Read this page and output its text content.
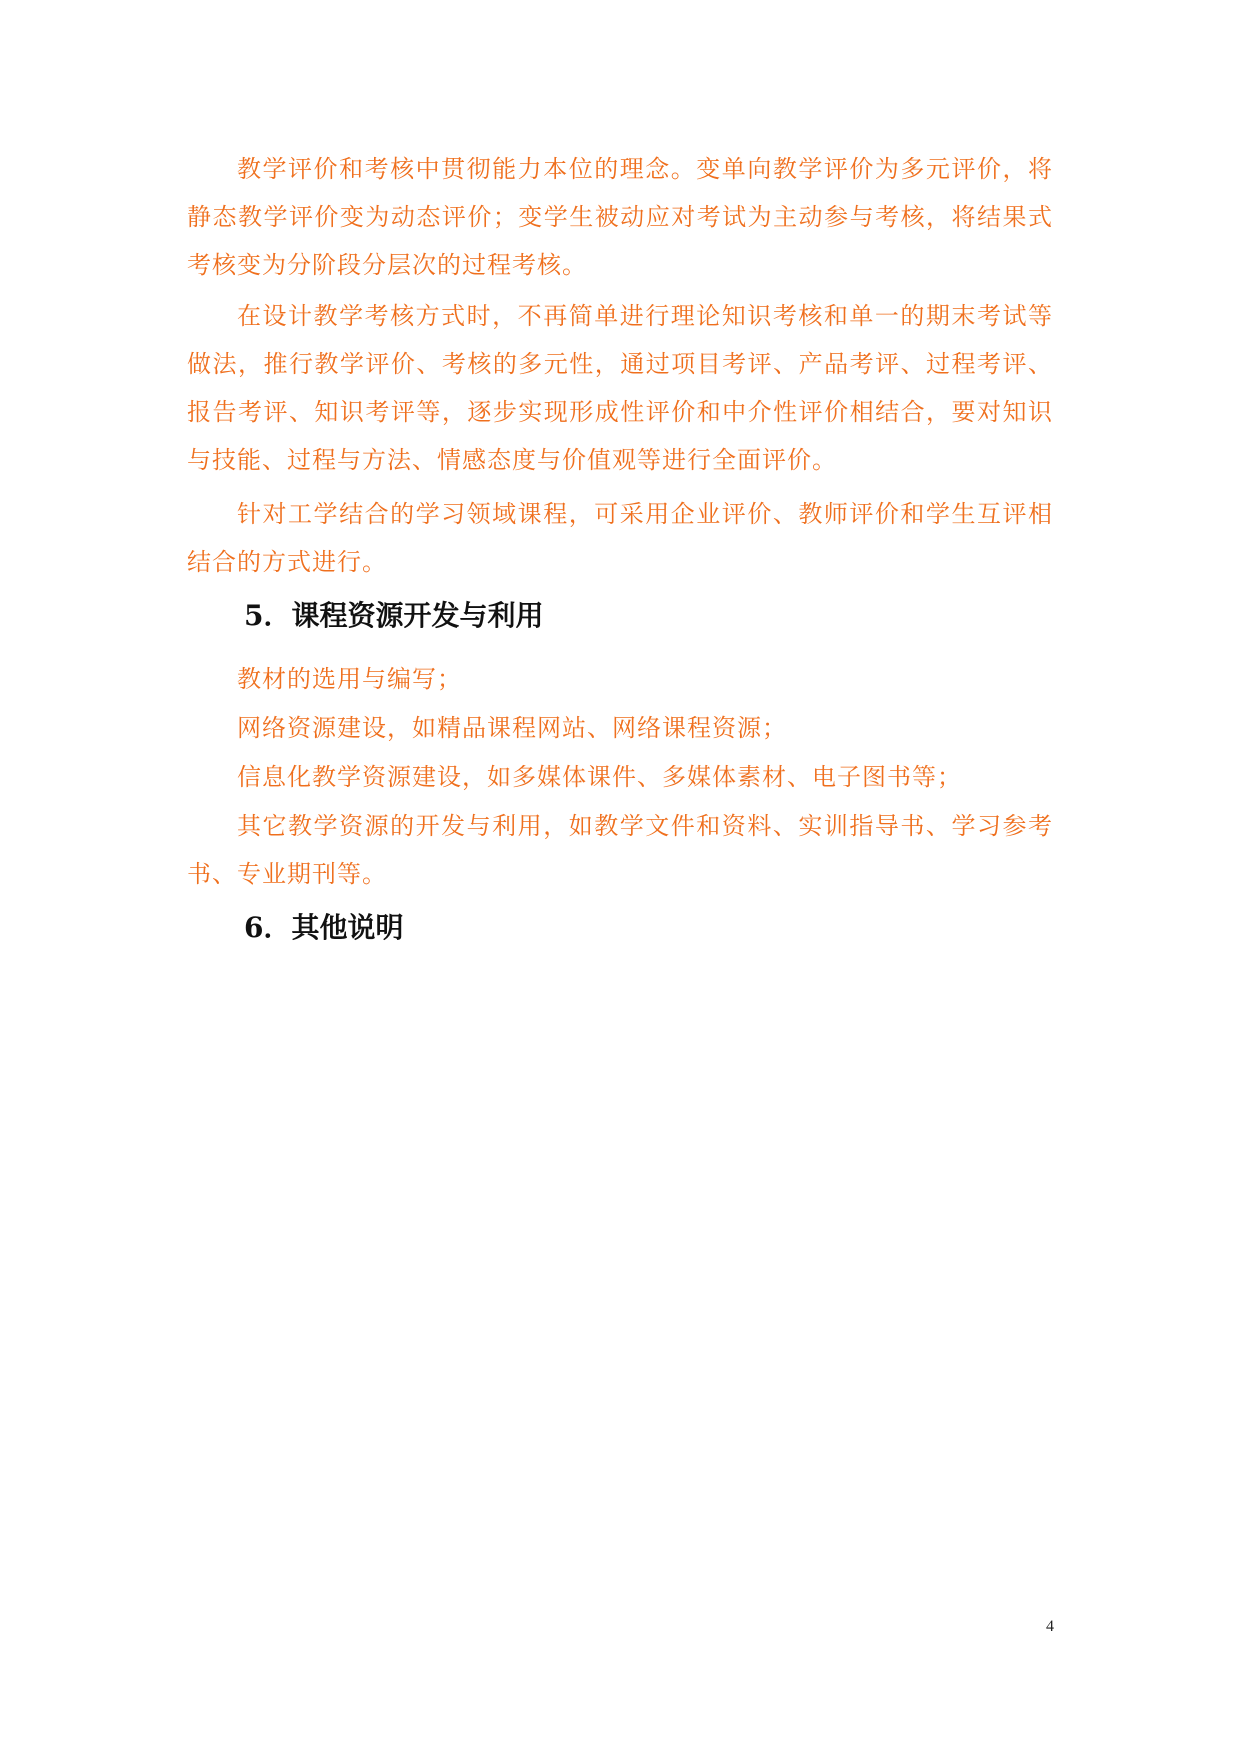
教学评价和考核中贯彻能力本位的理念。变单向教学评价为多元评价，将静态教学评价变为动态评价；变学生被动应对考试为主动参与考核，将结果式考核变为分阶段分层次的过程考核。

在设计教学考核方式时，不再简单进行理论知识考核和单一的期末考试等做法，推行教学评价、考核的多元性，通过项目考评、产品考评、过程考评、报告考评、知识考评等，逐步实现形成性评价和中介性评价相结合，要对知识与技能、过程与方法、情感态度与价值观等进行全面评价。

针对工学结合的学习领域课程，可采用企业评价、教师评价和学生互评相结合的方式进行。

5．课程资源开发与利用

教材的选用与编写；

网络资源建设，如精品课程网站、网络课程资源；

信息化教学资源建设，如多媒体课件、多媒体素材、电子图书等；

其它教学资源的开发与利用，如教学文件和资料、实训指导书、学习参考书、专业期刊等。

6．其他说明
4
